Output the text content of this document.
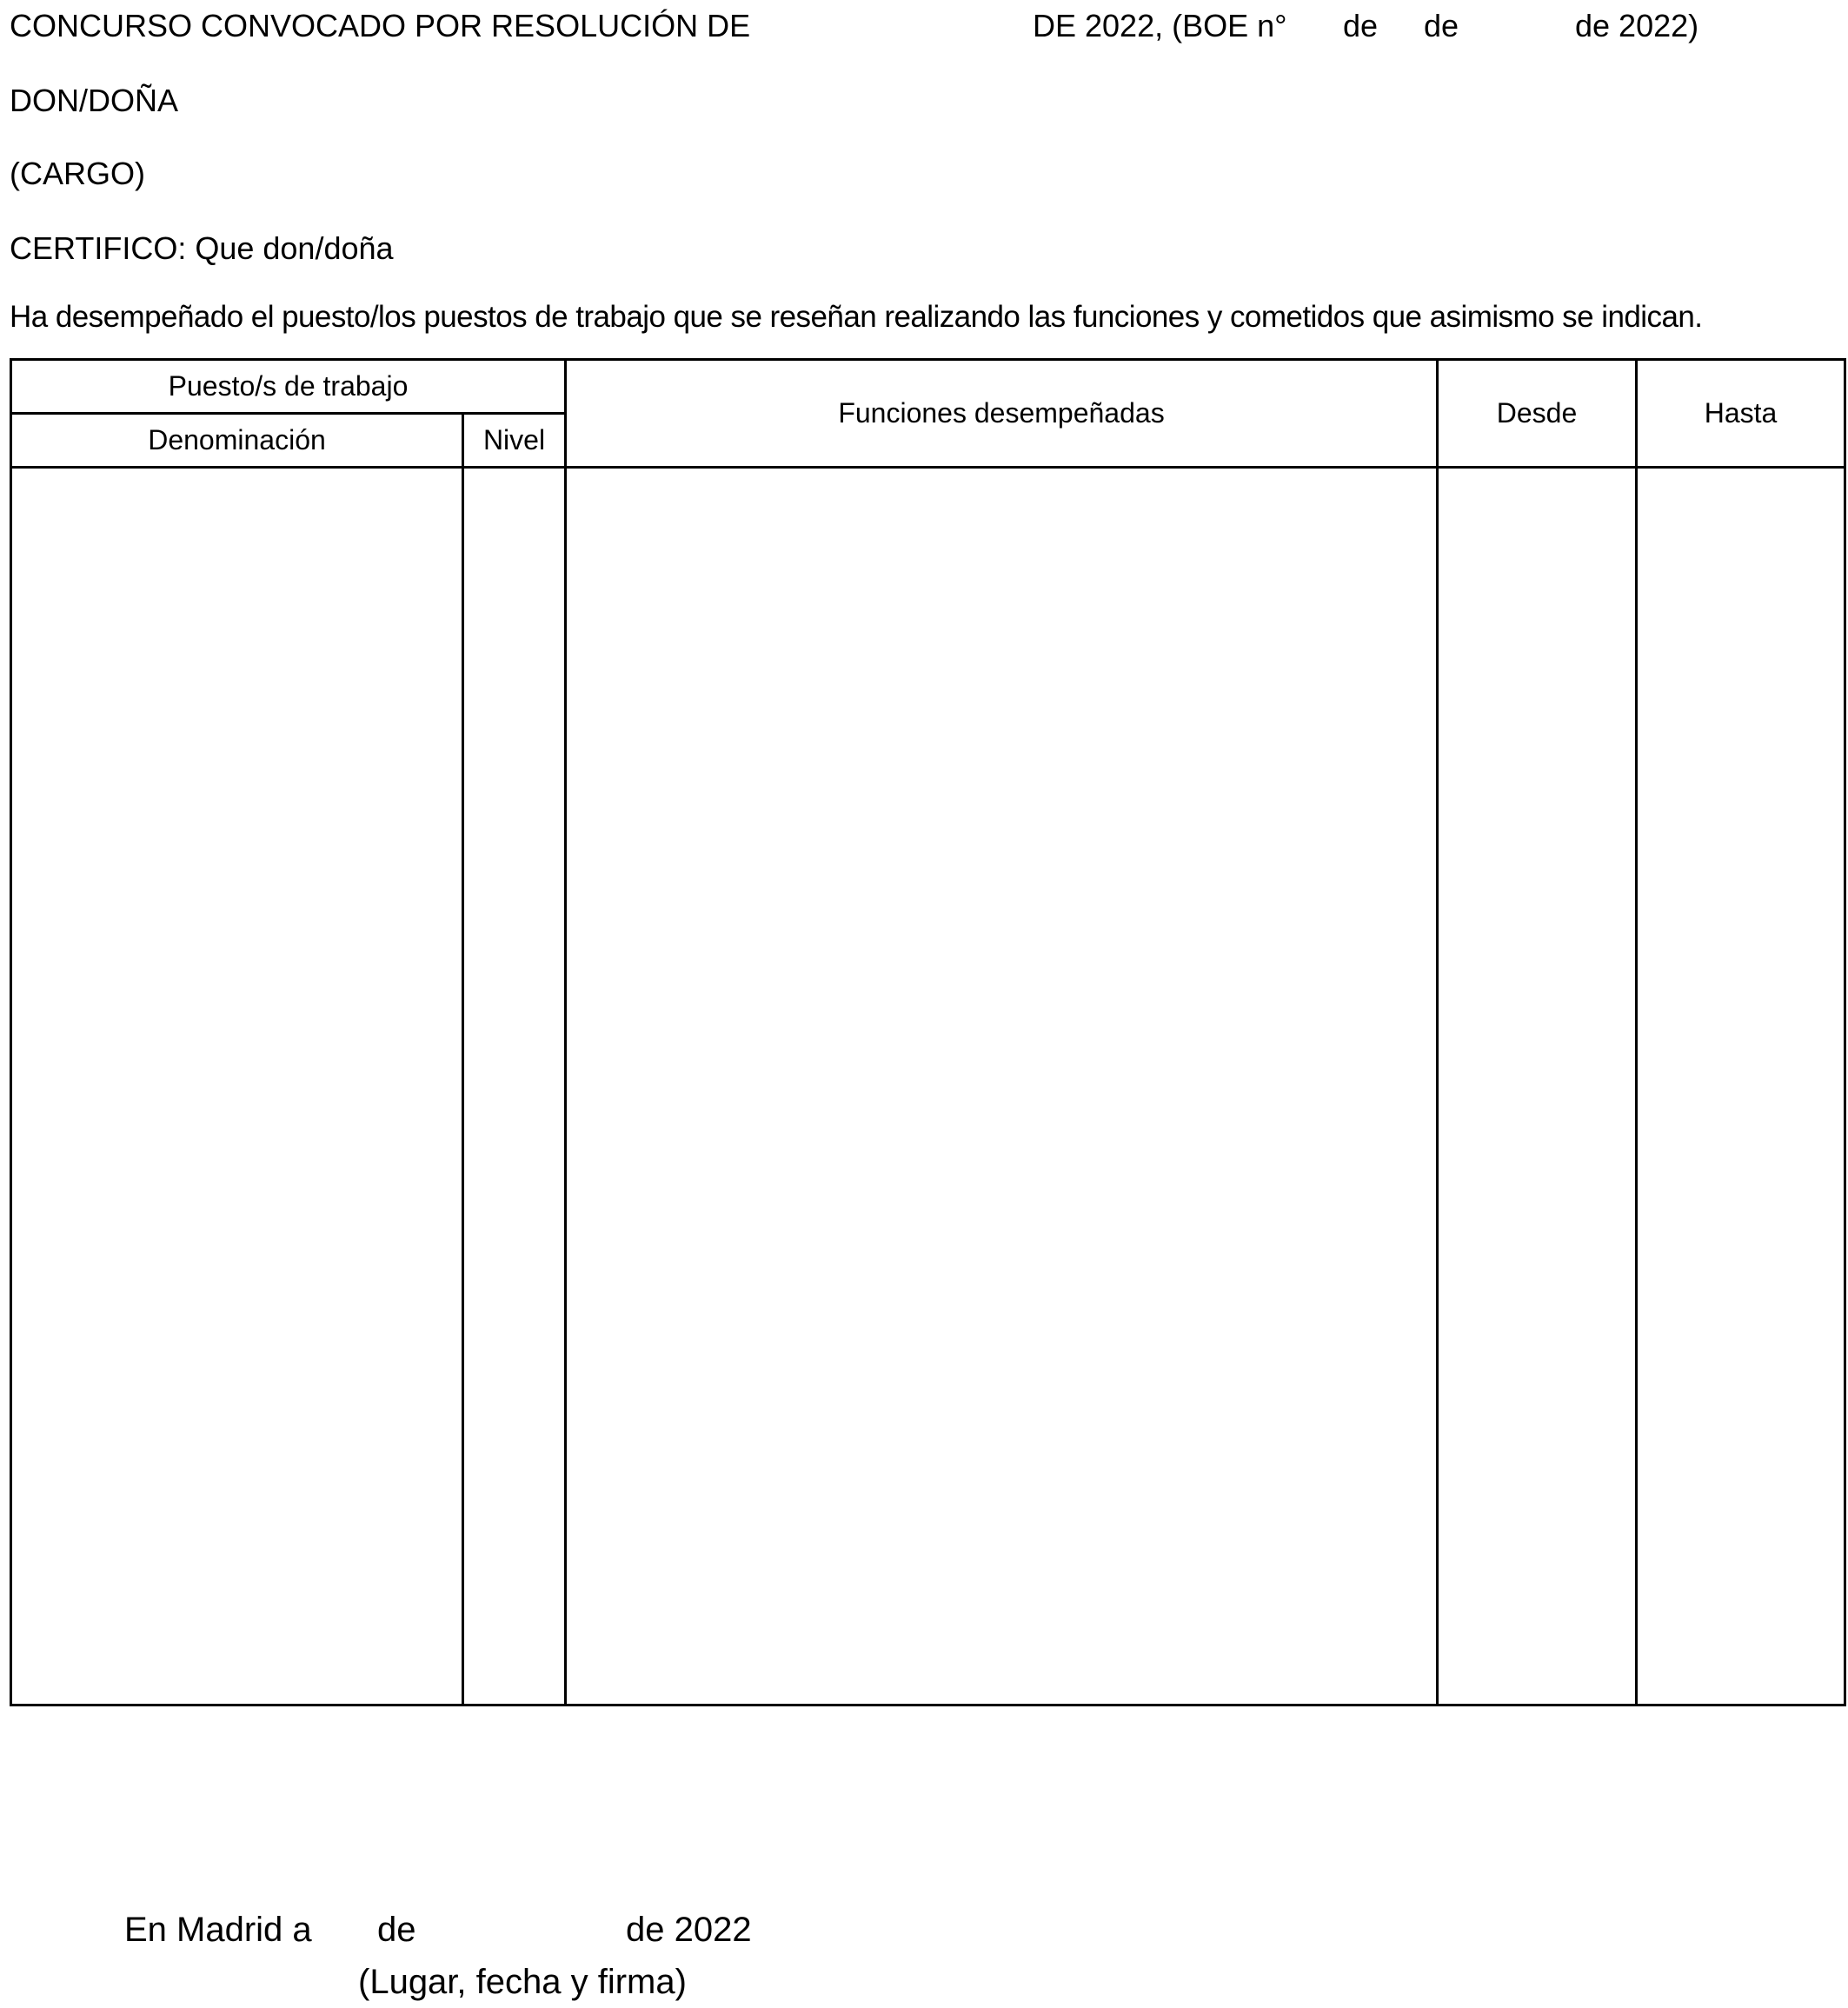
CONCURSO CONVOCADO POR RESOLUCIÓN DE	DE 2022, (BOE n° de de	de 2022)
DON/DOÑA
(CARGO)
CERTIFICO: Que don/doña
Ha desempeñado el puesto/los puestos de trabajo que se reseñan realizando las funciones y cometidos que asimismo se indican.
Puesto/s de trabajo		Funciones desempeñadas	Desde	Hasta
Denominación	Nivel			

En Madrid a de	de 2022
(Lugar, fecha y firma)
